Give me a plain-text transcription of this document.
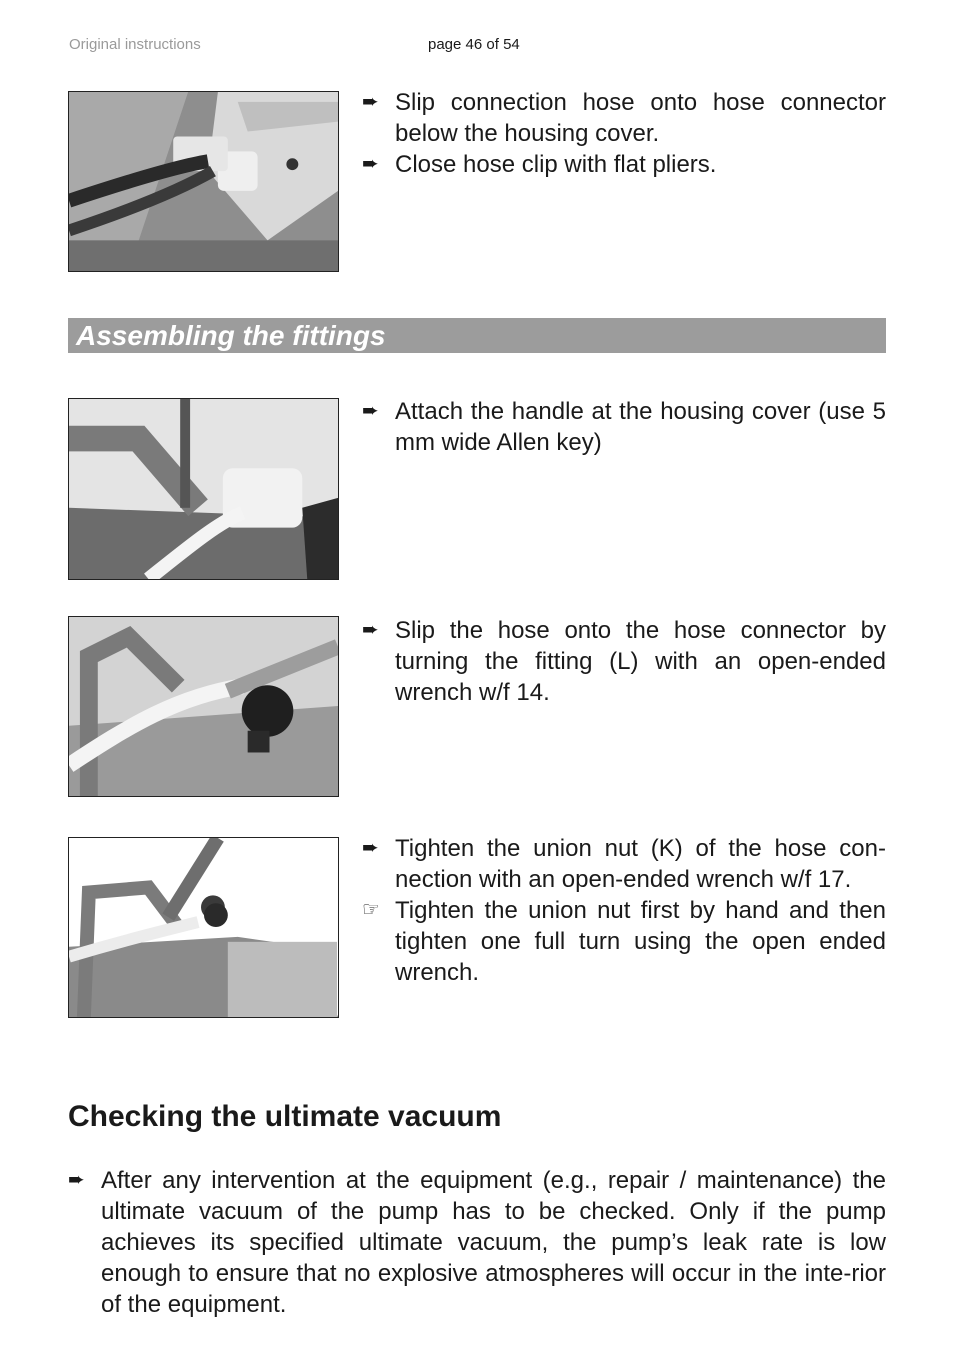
Original instructions	page 46 of 54
➨ Slip connection hose onto hose connector below the housing cover.
➨ Close hose clip with flat pliers.
Assembling the fittings
➨ Attach the handle at the housing cover (use 5 mm wide Allen key)
➨ Slip the hose onto the hose connector by turning the fitting (L) with an open-ended wrench w/f 14.
➨ Tighten the union nut (K) of the hose con-nection with an open-ended wrench w/f 17.
☞ Tighten the union nut first by hand and then tighten one full turn using the open ended wrench.
Checking the ultimate vacuum
➨ After any intervention at the equipment (e.g., repair / maintenance) the ultimate vacuum of the pump has to be checked. Only if the pump achieves its specified ultimate vacuum, the pump’s leak rate is low enough to ensure that no explosive atmospheres will occur in the inte-rior of the equipment.
